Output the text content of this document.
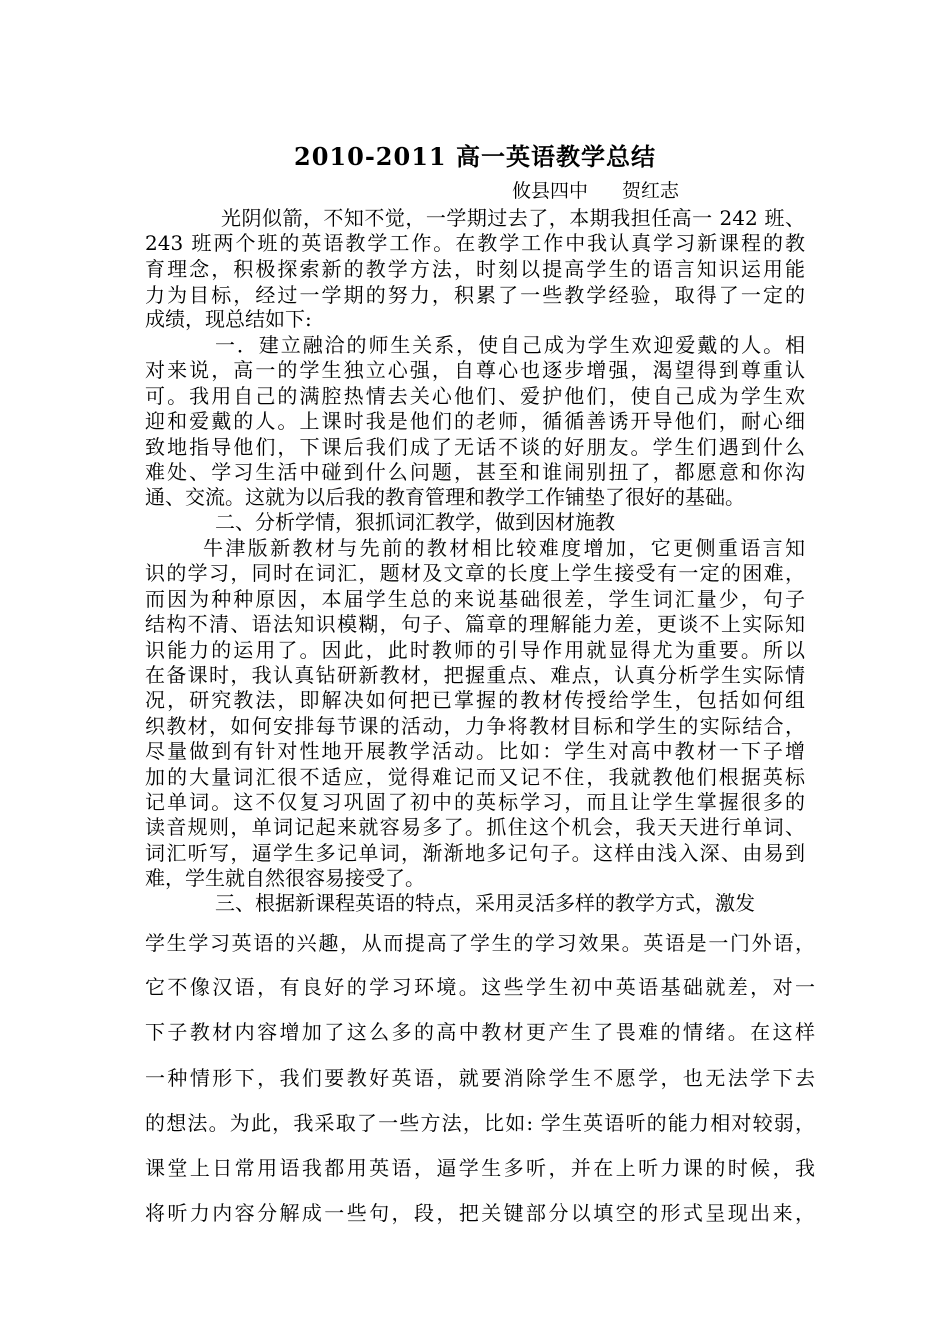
2010-2011 高一英语教学总结
攸县四中 贺红志
光阴似箭，不知不觉，一学期过去了，本期我担任高一 242 班、
243 班两个班的英语教学工作。在教学工作中我认真学习新课程的教
育理念，积极探索新的教学方法，时刻以提高学生的语言知识运用能
力为目标，经过一学期的努力，积累了一些教学经验，取得了一定的
成绩，现总结如下:
一．建立融洽的师生关系，使自己成为学生欢迎爱戴的人。相
对来说，高一的学生独立心强，自尊心也逐步增强，渴望得到尊重认
可。我用自己的满腔热情去关心他们、爱护他们，使自己成为学生欢
迎和爱戴的人。上课时我是他们的老师，循循善诱开导他们，耐心细
致地指导他们，下课后我们成了无话不谈的好朋友。学生们遇到什么
难处、学习生活中碰到什么问题，甚至和谁闹别扭了，都愿意和你沟
通、交流。这就为以后我的教育管理和教学工作铺垫了很好的基础。
二、分析学情，狠抓词汇教学，做到因材施教
牛津版新教材与先前的教材相比较难度增加，它更侧重语言知
识的学习，同时在词汇，题材及文章的长度上学生接受有一定的困难，
而因为种种原因，本届学生总的来说基础很差，学生词汇量少，句子
结构不清、语法知识模糊，句子、篇章的理解能力差，更谈不上实际知
识能力的运用了。因此，此时教师的引导作用就显得尤为重要。所以
在备课时，我认真钻研新教材，把握重点、难点，认真分析学生实际情
况，研究教法，即解决如何把已掌握的教材传授给学生，包括如何组
织教材，如何安排每节课的活动，力争将教材目标和学生的实际结合，
尽量做到有针对性地开展教学活动。比如：学生对高中教材一下子增
加的大量词汇很不适应，觉得难记而又记不住，我就教他们根据英标
记单词。这不仅复习巩固了初中的英标学习，而且让学生掌握很多的
读音规则，单词记起来就容易多了。抓住这个机会，我天天进行单词、
词汇听写，逼学生多记单词，渐渐地多记句子。这样由浅入深、由易到
难，学生就自然很容易接受了。
三、根据新课程英语的特点，采用灵活多样的教学方式，激发
学生学习英语的兴趣，从而提高了学生的学习效果。英语是一门外语，
它不像汉语，有良好的学习环境。这些学生初中英语基础就差，对一
下子教材内容增加了这么多的高中教材更产生了畏难的情绪。在这样
一种情形下，我们要教好英语，就要消除学生不愿学，也无法学下去
的想法。为此，我采取了一些方法，比如: 学生英语听的能力相对较弱，
课堂上日常用语我都用英语，逼学生多听，并在上听力课的时候，我
将听力内容分解成一些句，段，把关键部分以填空的形式呈现出来，
